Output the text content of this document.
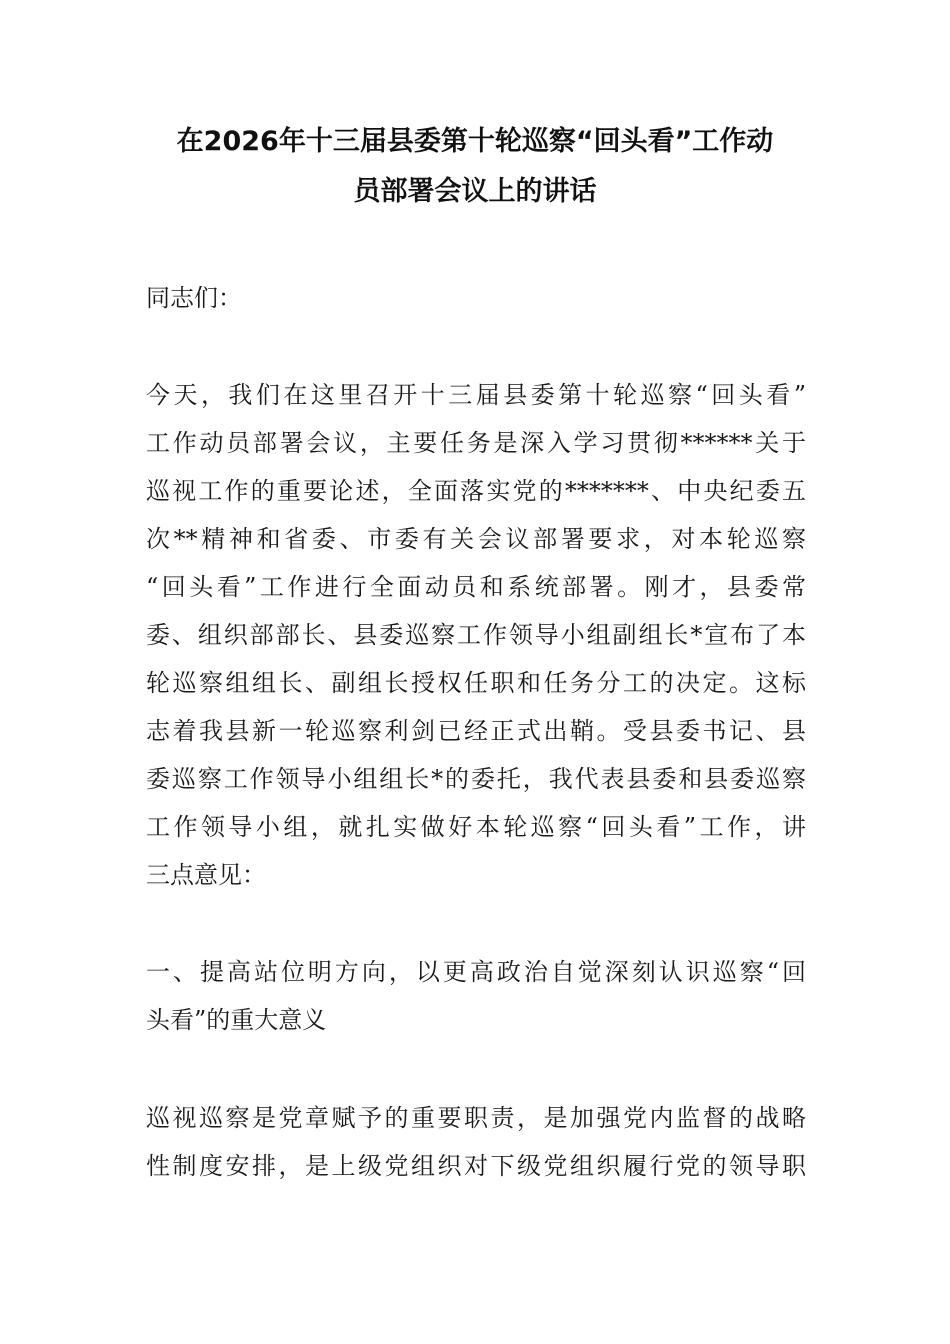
在2026年十三届县委第十轮巡察“回头看”工作动
员部署会议上的讲话
同志们：
今天，我们在这里召开十三届县委第十轮巡察“回头看”
工作动员部署会议，主要任务是深入学习贯彻******关于
巡视工作的重要论述，全面落实党的*******、中央纪委五
次**精神和省委、市委有关会议部署要求，对本轮巡察
“回头看”工作进行全面动员和系统部署。刚才，县委常
委、组织部部长、县委巡察工作领导小组副组长*宣布了本
轮巡察组组长、副组长授权任职和任务分工的决定。这标
志着我县新一轮巡察利剑已经正式出鞘。受县委书记、县
委巡察工作领导小组组长*的委托，我代表县委和县委巡察
工作领导小组，就扎实做好本轮巡察“回头看”工作，讲
三点意见：
一、提高站位明方向，以更高政治自觉深刻认识巡察“回
头看”的重大意义
巡视巡察是党章赋予的重要职责，是加强党内监督的战略
性制度安排，是上级党组织对下级党组织履行党的领导职
